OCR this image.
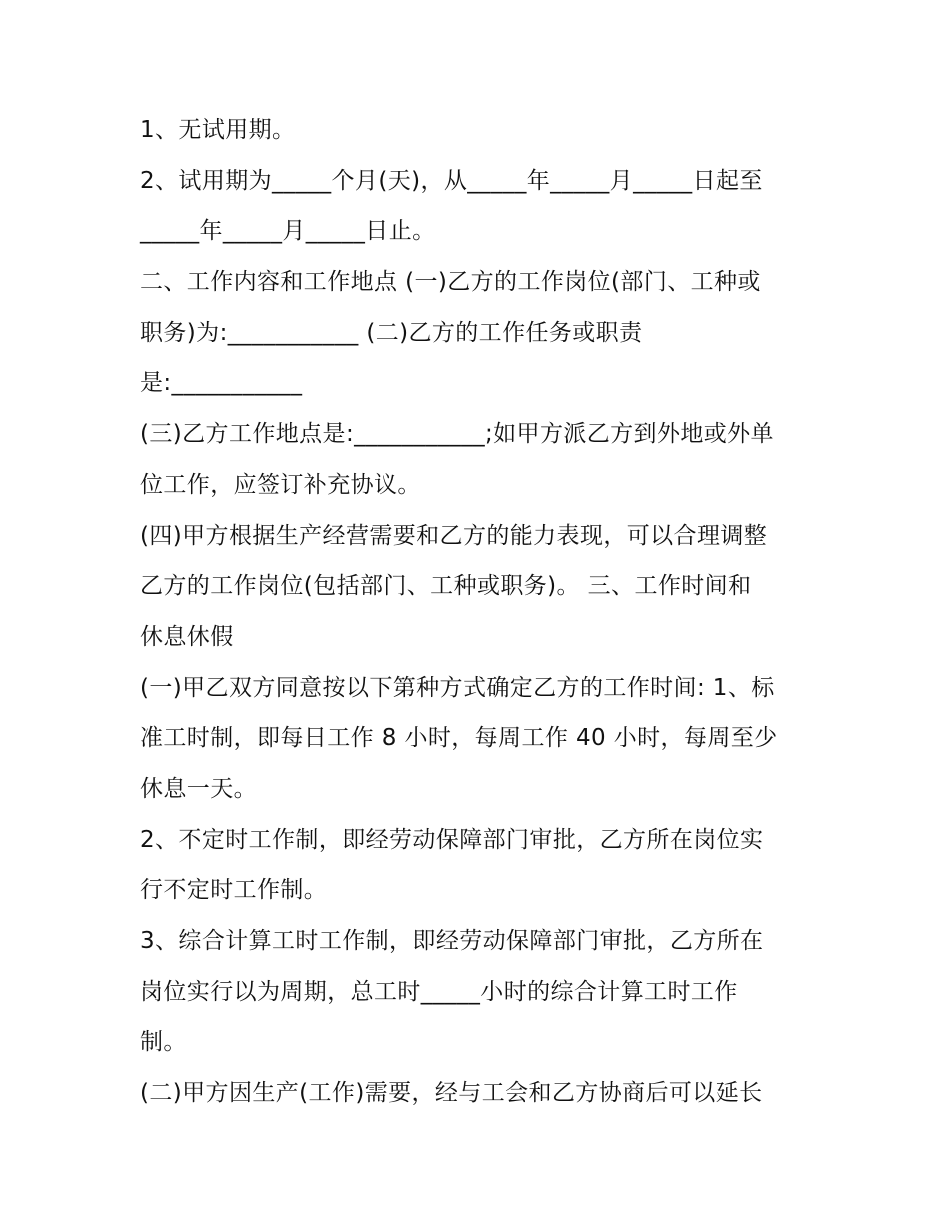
1、无试用期。
2、试用期为_____个月(天)，从_____年_____月_____日起至
_____年_____月_____日止。
二、工作内容和工作地点 (一)乙方的工作岗位(部门、工种或
职务)为:___________ (二)乙方的工作任务或职责
是:___________
(三)乙方工作地点是:___________;如甲方派乙方到外地或外单
位工作，应签订补充协议。
(四)甲方根据生产经营需要和乙方的能力表现，可以合理调整
乙方的工作岗位(包括部门、工种或职务)。 三、工作时间和
休息休假
(一)甲乙双方同意按以下第种方式确定乙方的工作时间: 1、标
准工时制，即每日工作 8 小时，每周工作 40 小时，每周至少
休息一天。
2、不定时工作制，即经劳动保障部门审批，乙方所在岗位实
行不定时工作制。
3、综合计算工时工作制，即经劳动保障部门审批，乙方所在
岗位实行以为周期，总工时_____小时的综合计算工时工作
制。
(二)甲方因生产(工作)需要，经与工会和乙方协商后可以延长
